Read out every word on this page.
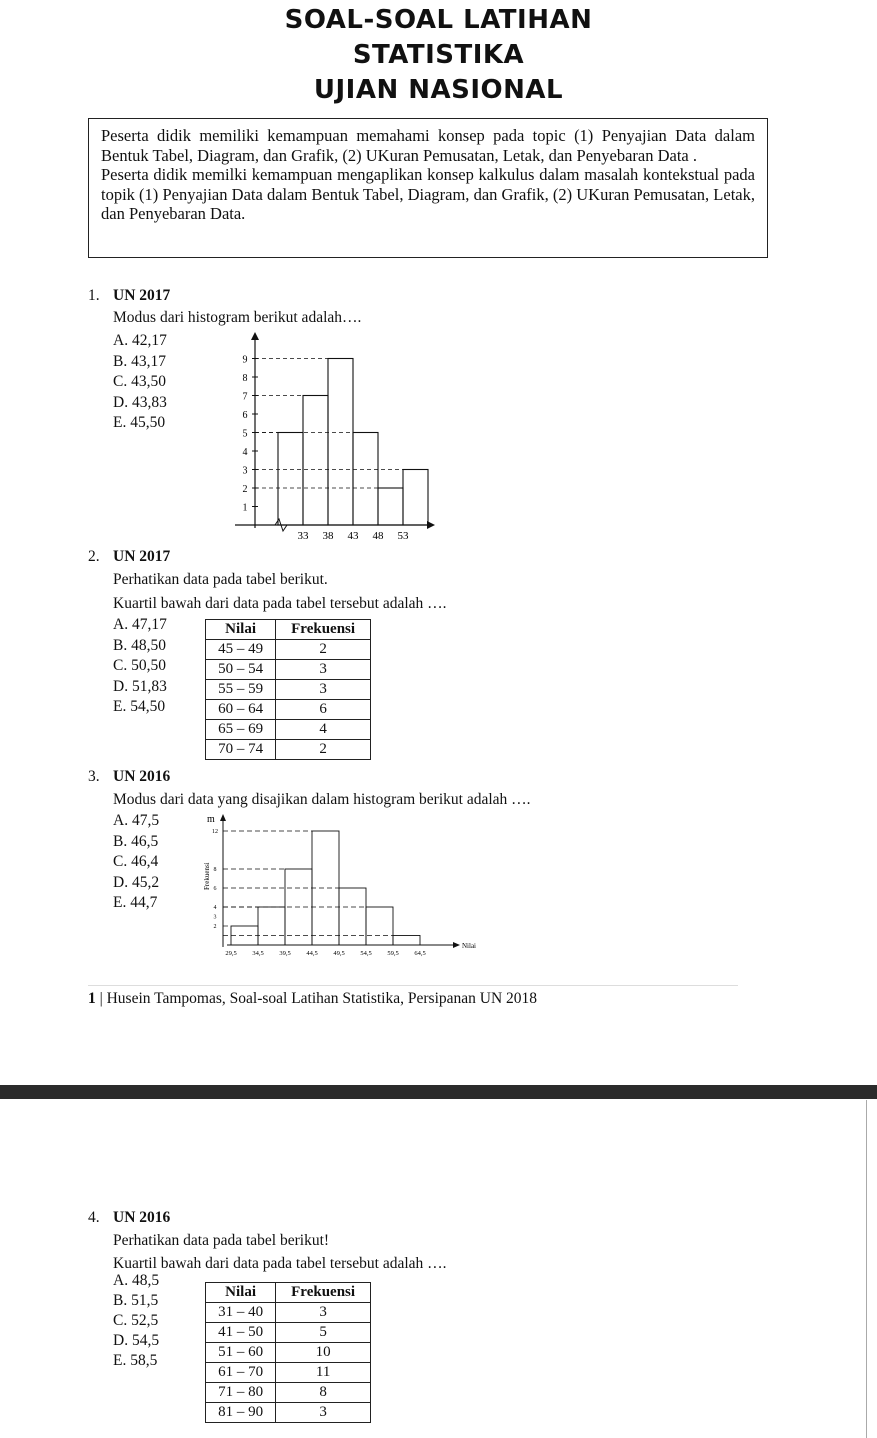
SOAL-SOAL LATIHAN
STATISTIKA
UJIAN NASIONAL

Peserta didik memiliki kemampuan memahami konsep pada topic (1) Penyajian Data dalam Bentuk Tabel, Diagram, dan Grafik, (2) UKuran Pemusatan, Letak, dan Penyebaran Data .

Peserta didik memilki kemampuan mengaplikan konsep kalkulus dalam masalah kontekstual pada topik (1) Penyajian Data dalam Bentuk Tabel, Diagram, dan Grafik, (2) UKuran Pemusatan, Letak, dan Penyebaran Data.

1. UN 2017
Modus dari histogram berikut adalah….
A. 42,17
B. 43,17
C. 43,50
D. 43,83
E. 45,50
1
2
3
4
5
6
7
8
9
33 38 43 48 53
2. UN 2017
Perhatikan data pada tabel berikut.
Kuartil bawah dari data pada tabel tersebut adalah ….
A. 47,17
B. 48,50
C. 50,50
D. 51,83
E. 54,50
Nilai	Frekuensi
45 – 49	2
50 – 54	3
55 – 59	3
60 – 64	6
65 – 69	4
70 – 74	2
3. UN 2016
Modus dari data yang disajikan dalam histogram berikut adalah ….
A. 47,5
B. 46,5
C. 46,4
D. 45,2
E. 44,7
Nilai
Frekuensi
m
2
3
4
6
8
12
29,5 34,5 39,5 44,5 49,5 54,5 59,5 64,5
1 | Husein Tampomas, Soal-soal Latihan Statistika, Persipanan UN 2018
4. UN 2016
Perhatikan data pada tabel berikut!
Kuartil bawah dari data pada tabel tersebut adalah ….
A. 48,5
B. 51,5
C. 52,5
D. 54,5
E. 58,5
Nilai	Frekuensi
31 – 40	3
41 – 50	5
51 – 60	10
61 – 70	11
71 – 80	8
81 – 90	3
